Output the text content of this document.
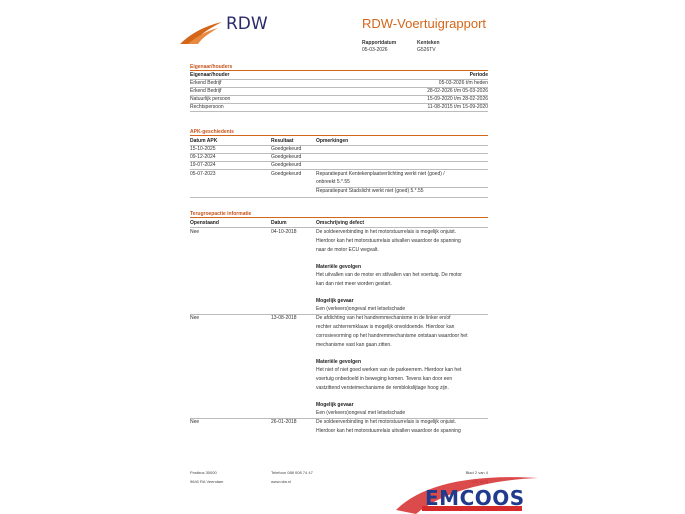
RDW	RDW-Voertuigrapport
Rapportdatum
05-03-2026
Kenteken
G526TV
Eigenaar/houders
Eigenaar/houder	Periode
Erkend Bedrijf	05-03-2026 t/m heden
Erkend Bedrijf	28-02-2026 t/m 05-03-2026
Natuurlijk persoon	15-09-2020 t/m 28-02-2026
Rechtspersoon	11-08-2015 t/m 15-09-2020
APK-geschiedenis
Datum APK	Resultaat	Opmerkingen
15-10-2025	Goedgekeurd
09-12-2024	Goedgekeurd
19-07-2024	Goedgekeurd
05-07-2023	Goedgekeurd	Reparatiepunt Kentekenplaatverlichting werkt niet (goed) /
onbreekt 5.*.55
Reparatiepunt Stadslicht werkt niet (goed) 5.*.55
Terugroepactie informatie
Openstaand	Datum	Omschrijving defect
Nee	04-10-2018	De soldeerverbinding in het motorstuurrelais is mogelijk onjuist.
Hierdoor kan het motorstuurrelais uitvallen waardoor de spanning
naar de motor ECU wegvalt.
Materiële gevolgen
Het uitvallen van de motor en stilvallen van het voertuig. De motor
kan dan niet meer worden gestart.
Mogelijk gevaar
Een (verkeers)ongeval met letselschade
Nee	13-08-2018	De afdichting van het handremmechanisme in de linker en/of
rechter achterremklauw is mogelijk onvoldoende. Hierdoor kan
corrosievorming op het handremmechanisme ontstaan waardoor het
mechanisme vast kan gaan zitten.
Materiële gevolgen
Het niet of niet goed werken van de parkeerrem. Hierdoor kan het
voertuig onbedoeld in beweging komen. Tevens kan door een
vastzittend versteimechanisme de remblokslijtage hoog zijn.
Mogelijk gevaar
Een (verkeers)ongeval met letselschade
Nee	26-01-2018	De soldeerverbinding in het motorstuurrelais is mogelijk onjuist.
Hierdoor kan het motorstuurrelais uitvallen waardoor de spanning
Postbus 30000
9640 RA Veendam
Telefoon 088 008 74 47
www.rdw.nl
Blad 2 van 4
EMCOOS
